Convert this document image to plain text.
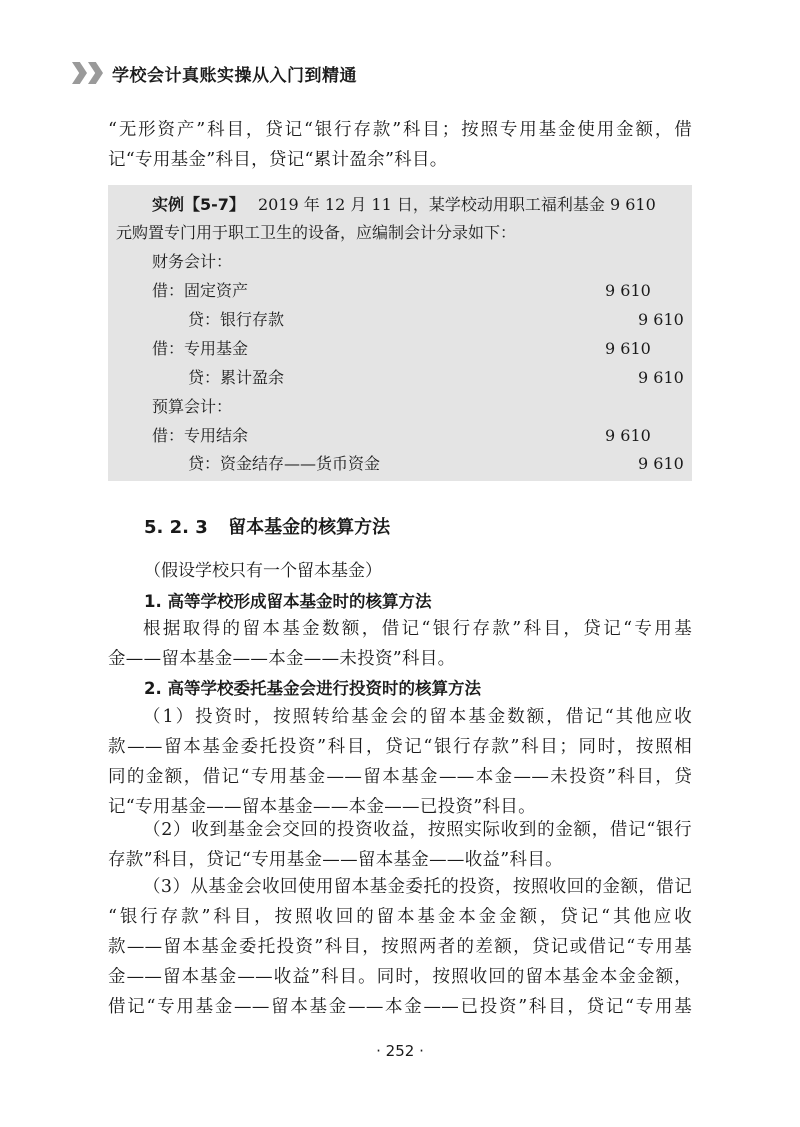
学校会计真账实操从入门到精通
“无形资产”科目，贷记“银行存款”科目；按照专用基金使用金额，借
记“专用基金”科目，贷记“累计盈余”科目。
实例【5-7】 2019 年 12 月 11 日，某学校动用职工福利基金 9 610
元购置专门用于职工卫生的设备，应编制会计分录如下：
财务会计：
借：固定资产	9 610
贷：银行存款	9 610
借：专用基金	9 610
贷：累计盈余	9 610
预算会计：
借：专用结余	9 610
贷：资金结存——货币资金	9 610
5. 2. 3 留本基金的核算方法
（假设学校只有一个留本基金）
1. 高等学校形成留本基金时的核算方法
根据取得的留本基金数额，借记“银行存款”科目，贷记“专用基
金——留本基金——本金——未投资”科目。
2. 高等学校委托基金会进行投资时的核算方法
（1）投资时，按照转给基金会的留本基金数额，借记“其他应收
款——留本基金委托投资”科目，贷记“银行存款”科目；同时，按照相
同的金额，借记“专用基金——留本基金——本金——未投资”科目，贷
记“专用基金——留本基金——本金——已投资”科目。
（2）收到基金会交回的投资收益，按照实际收到的金额，借记“银行
存款”科目，贷记“专用基金——留本基金——收益”科目。
（3）从基金会收回使用留本基金委托的投资，按照收回的金额，借记
“银行存款”科目，按照收回的留本基金本金金额，贷记“其他应收
款——留本基金委托投资”科目，按照两者的差额，贷记或借记“专用基
金——留本基金——收益”科目。同时，按照收回的留本基金本金金额，
借记“专用基金——留本基金——本金——已投资”科目，贷记“专用基
· 252 ·
